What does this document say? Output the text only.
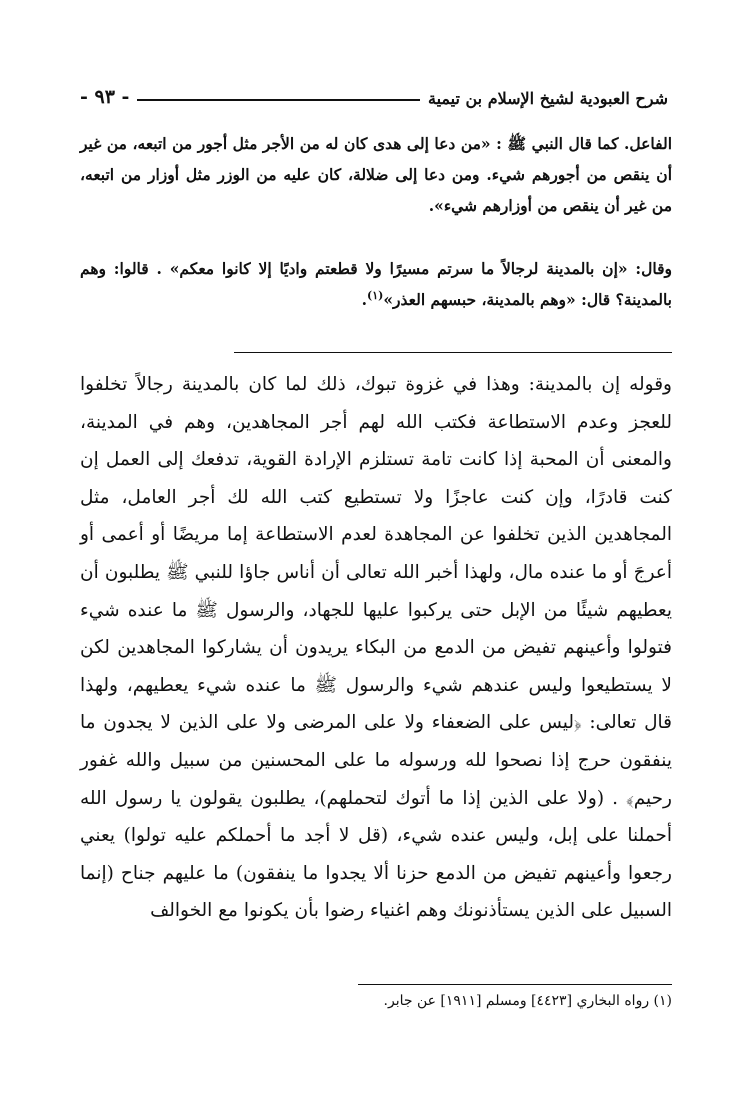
شرح العبودية لشيخ الإسلام بن تيمية
- ٩٣ -

الفاعل. كما قال النبي ﷺ : «من دعا إلى هدى كان له من الأجر مثل أجور من اتبعه، من غير أن ينقص من أجورهم شيء. ومن دعا إلى ضلالة، كان عليه من الوزر مثل أوزار من اتبعه، من غير أن ينقص من أوزارهم شيء».

وقال: «إن بالمدينة لرجالاً ما سرتم مسيرًا ولا قطعتم واديًا إلا كانوا معكم» . قالوا: وهم بالمدينة؟ قال: «وهم بالمدينة، حبسهم العذر»$^{(١)}$.

وقوله إن بالمدينة: وهذا في غزوة تبوك، ذلك لما كان بالمدينة رجالاً تخلفوا للعجز وعدم الاستطاعة فكتب الله لهم أجر المجاهدين، وهم في المدينة، والمعنى أن المحبة إذا كانت تامة تستلزم الإرادة القوية، تدفعك إلى العمل إن كنت قادرًا، وإن كنت عاجزًا ولا تستطيع كتب الله لك أجر العامل، مثل المجاهدين الذين تخلفوا عن المجاهدة لعدم الاستطاعة إما مريضًا أو أعمى أو أعرجَ أو ما عنده مال، ولهذا أخبر الله تعالى أن أناس جاؤا للنبي ﷺ يطلبون أن يعطيهم شيئًا من الإبل حتى يركبوا عليها للجهاد، والرسول ﷺ ما عنده شيء فتولوا وأعينهم تفيض من الدمع من البكاء يريدون أن يشاركوا المجاهدين لكن لا يستطيعوا وليس عندهم شيء والرسول ﷺ ما عنده شيء يعطيهم، ولهذا قال تعالى: ﴿ليس على الضعفاء ولا على المرضى ولا على الذين لا يجدون ما ينفقون حرج إذا نصحوا لله ورسوله ما على المحسنين من سبيل والله غفور رحيم﴾ . (ولا على الذين إذا ما أتوك لتحملهم)، يطلبون يقولون يا رسول الله أحملنا على إبل، وليس عنده شيء، (قل لا أجد ما أحملكم عليه تولوا) يعني رجعوا وأعينهم تفيض من الدمع حزنا ألا يجدوا ما ينفقون) ما عليهم جناح (إنما السبيل على الذين يستأذنونك وهم اغنياء رضوا بأن يكونوا مع الخوالف

(١) رواه البخاري [٤٤٢٣] ومسلم [١٩١١] عن جابر.
